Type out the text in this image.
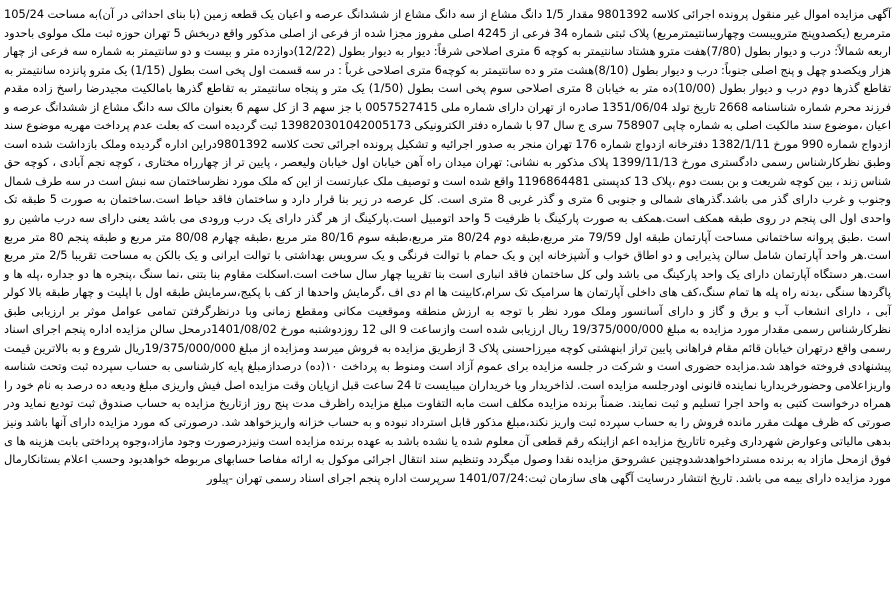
آگهی مزایده اموال غیر منقول پرونده اجرائی کلاسه 9801392 مقدار 1/5 دانگ مشاع از سه دانگ مشاع از ششدانگ عرصه و اعیان یک قطعه زمین (با بنای احداثی در آن)به مساحت 105/24 مترمربع (یکصدوپنج مترویبست وچهارسانتیمترمربع) پلاک ثبتی شماره 34 فرعی از 4245 اصلی مفروز مجزا شده از فرعی از اصلی مذکور واقع دربخش 5 تهران حوزه ثبت ملک مولوی باحدود اربعه شمالاً: درب و دیوار بطول (7/80)هفت مترو هشتاد سانتیمتر به کوچه 6 متری اصلاحی شرقاً: دیوار به دیوار بطول (12/22)دوازده متر و بیست و دو سانتیمتر به شماره سه فرعی از چهار هزار ویکصدو چهل و پنج اصلی جنوباً: درب و دیوار بطول (8/10)هشت متر و ده سانتیمتر به کوچه6 متری اصلاحی غرباً : در سه قسمت اول پخی است بطول (1/15) یک مترو پانزده سانتیمتر به تقاطع گذرها دوم درب و دیوار بطول (10/00)ده متر به خیابان 8 متری اصلاحی سوم پخی است بطول (1/50) یک متر و پنجاه سانتیمتر به تقاطع گذرها بامالکیت مجیدرضا راسخ زاده مقدم فرزند محرم شماره شناسنامه 2668 تاریخ تولد 1351/06/04 صادره از تهران دارای شماره ملی 0057527415 با جز سهم 3 از کل سهم 6 بعنوان مالک سه دانگ مشاع از ششدانگ عرصه و اعیان ،موضوع سند مالکیت اصلی به شماره چاپی 758907 سری ج سال 97 با شماره دفتر الکترونیکی 139820301042005173 ثبت گردیده است که بعلت عدم پرداخت مهریه موضوع سند ازدواج شماره 990 مورخ 1382/1/11 دفترخانه ازدواج شماره 176 تهران منجر به صدور اجرائیه و تشکیل پرونده اجرائی تحت کلاسه 9801392دراین اداره گردیده وملک بازداشت شده است وطبق نظرکارشناس رسمی دادگستری مورخ 1399/11/13 پلاک مذکور به نشانی: تهران میدان راه آهن خیابان اول خیابان ولیعصر ، پایین تر از چهارراه مختاری ، کوچه نجم آبادی ، کوچه حق شناس زند ، بین کوچه شریعت و بن بست دوم ،پلاک 13 کدپستی 1196864481 واقع شده است و توصیف ملک عبارتست از این که ملک مورد نظرساختمان سه نبش است در سه طرف شمال وجنوب و غرب دارای گذر می باشد.گذرهای شمالی و جنوبی 6 متری و گذر غربی 8 متری است. کل عرصه در زیر بنا قرار دارد و ساختمان فاقد حیاط است.ساختمان به صورت 5 طبقه تک واحدی اول الی پنجم در روی طبقه همکف است.همکف به صورت پارکینگ با ظرفیت 5 واحد اتومبیل است.پارکینگ از هر گذر دارای یک درب ورودی می باشد یعنی دارای سه درب ماشین رو است .طبق پروانه ساختمانی مساحت آپارتمان طبقه اول 79/59 متر مربع،طبقه دوم 80/24 متر مربع،طبقه سوم 80/16 متر مربع ،طبقه چهارم 80/08 متر مربع و طبقه پنجم 80 متر مربع است.هر واحد آپارتمان شامل سالن پذیرایی و دو اطاق خواب و آشپزخانه اپن و یک حمام با توالت فرنگی و یک سرویس بهداشتی با توالت ایرانی و یک بالکن به مساحت تقریبا 2/5 متر مربع است.هر دستگاه آپارتمان دارای یک واحد پارکینگ می باشد ولی کل ساختمان فاقد انباری است بنا تقریبا چهار سال ساخت است.اسکلت مقاوم بنا بتنی ،نما سنگ ،پنجره ها دو جداره ،پله ها و پاگردها سنگی ،بدنه راه پله ها تمام سنگ،کف های داخلی آپارتمان ها سرامیک تک سرام،کابینت ها ام دی اف ،گرمایش واحدها از کف با پکیج،سرمایش طبقه اول با اپلیت و چهار طبقه بالا کولر آبی ، دارای انشعاب آب و برق و گاز و دارای آسانسور وملک مورد نظر با توجه به ارزش منطقه وموقعیت مکانی ومقطع زمانی وبا درنظرگرفتن تمامی عوامل موثر بر ارزیابی طبق نظرکارشناس رسمی مقدار مورد مزایده به مبلغ 19/375/000/000 ریال ارزیابی شده است وازساعت 9 الی 12 روزدوشنبه مورخ 1401/08/02درمحل سالن مزایده اداره پنجم اجرای اسناد رسمی واقع درتهران خیابان قائم مقام فراهانی پایین تراز ابنهشتی کوچه میرزاحسنی پلاک 3 ازطریق مزایده به فروش میرسد ومزایده از مبلغ 19/375/000/000ریال شروع و به بالاترین قیمت پیشنهادی فروخته خواهد شد.مزایده حضوری است و شرکت در جلسه مزایده برای عموم آزاد است ومنوط به پرداخت ۱۰(ده) درصدازمبلغ پایه کارشناسی به حساب سپرده ثبت وتحت شناسه واریزاعلامی وحضورخریداریا نماینده قانونی اودرجلسه مزایده است. لذاخریدار ویا خریداران میبایست تا 24 ساعت قبل ازپایان وقت مزایده اصل فیش واریزی مبلغ ودیعه ده درصد به نام خود را همراه درخواست کتبی به واحد اجرا تسلیم و ثبت نمایند. ضمناً برنده مزایده مکلف است مابه التفاوت مبلغ مزایده راظرف مدت پنج روز ازتاریخ مزایده به حساب صندوق ثبت تودیع نماید ودر صورتی که ظرف مهلت مقرر مانده فروش را به حساب سپرده ثبت واریز نکند،مبلغ مذکور قابل استرداد نبوده و به حساب خزانه واریزخواهد شد. درصورتی که مورد مزایده دارای آنها باشد ونیز بدهی مالیاتی وعوارض شهرداری وغیره تاتاریخ مزایده اعم ازاینکه رقم قطعی آن معلوم شده یا نشده باشد به عهده برنده مزایده است ونیزدرصورت وجود مازاد،وجوه پرداختی بابت هزینه ها ی فوق ازمحل مازاد به برنده مسترداخواهدشدوچنین عشروحق مزایده نقدا وصول میگردد وتنظیم سند انتقال اجرائی موکول به ارائه مفاصا حسابهای مربوطه خواهدبود وحسب اعلام بستانکارمال مورد مزایده دارای بیمه می باشد. تاریخ انتشار درسایت آگهی های سازمان ثبت:1401/07/24 سرپرست اداره پنجم اجرای اسناد رسمی تهران -پیلور
